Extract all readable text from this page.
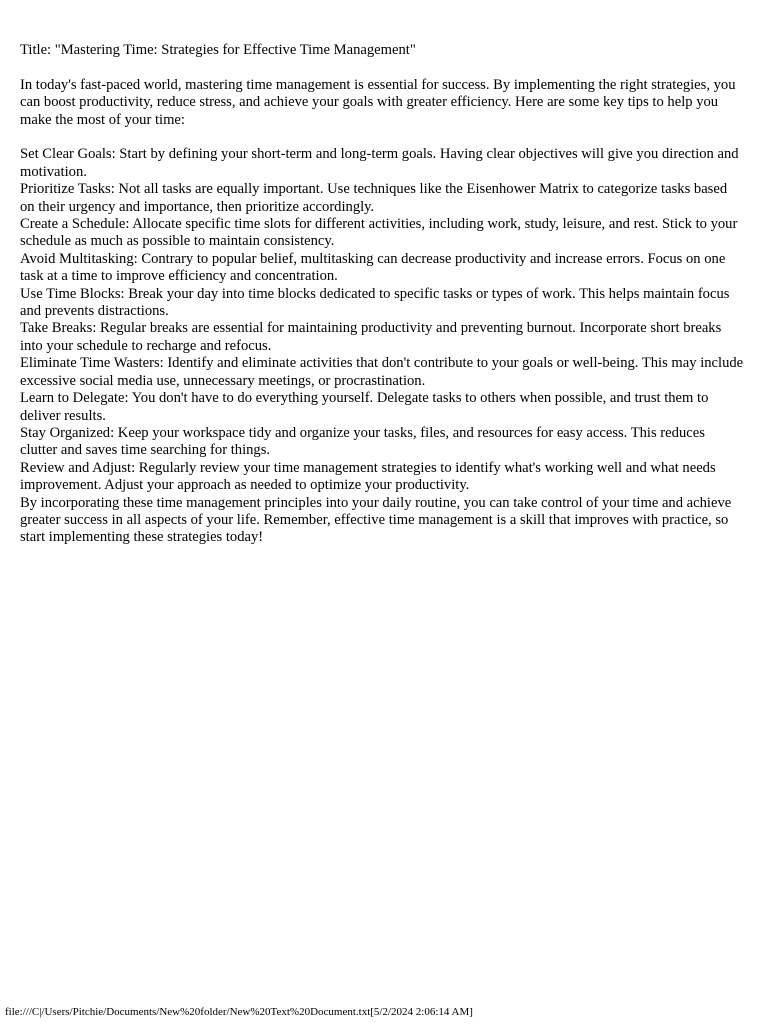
Title: "Mastering Time: Strategies for Effective Time Management"

In today's fast-paced world, mastering time management is essential for success. By implementing the right strategies, you can boost productivity, reduce stress, and achieve your goals with greater efficiency. Here are some key tips to help you make the most of your time:

Set Clear Goals: Start by defining your short-term and long-term goals. Having clear objectives will give you direction and motivation.

Prioritize Tasks: Not all tasks are equally important. Use techniques like the Eisenhower Matrix to categorize tasks based on their urgency and importance, then prioritize accordingly.

Create a Schedule: Allocate specific time slots for different activities, including work, study, leisure, and rest. Stick to your schedule as much as possible to maintain consistency.

Avoid Multitasking: Contrary to popular belief, multitasking can decrease productivity and increase errors. Focus on one task at a time to improve efficiency and concentration.

Use Time Blocks: Break your day into time blocks dedicated to specific tasks or types of work. This helps maintain focus and prevents distractions.

Take Breaks: Regular breaks are essential for maintaining productivity and preventing burnout. Incorporate short breaks into your schedule to recharge and refocus.

Eliminate Time Wasters: Identify and eliminate activities that don't contribute to your goals or well-being. This may include excessive social media use, unnecessary meetings, or procrastination.

Learn to Delegate: You don't have to do everything yourself. Delegate tasks to others when possible, and trust them to deliver results.

Stay Organized: Keep your workspace tidy and organize your tasks, files, and resources for easy access. This reduces clutter and saves time searching for things.

Review and Adjust: Regularly review your time management strategies to identify what's working well and what needs improvement. Adjust your approach as needed to optimize your productivity.

By incorporating these time management principles into your daily routine, you can take control of your time and achieve greater success in all aspects of your life. Remember, effective time management is a skill that improves with practice, so start implementing these strategies today!

file:///C|/Users/Pitchie/Documents/New%20folder/New%20Text%20Document.txt[5/2/2024 2:06:14 AM]
